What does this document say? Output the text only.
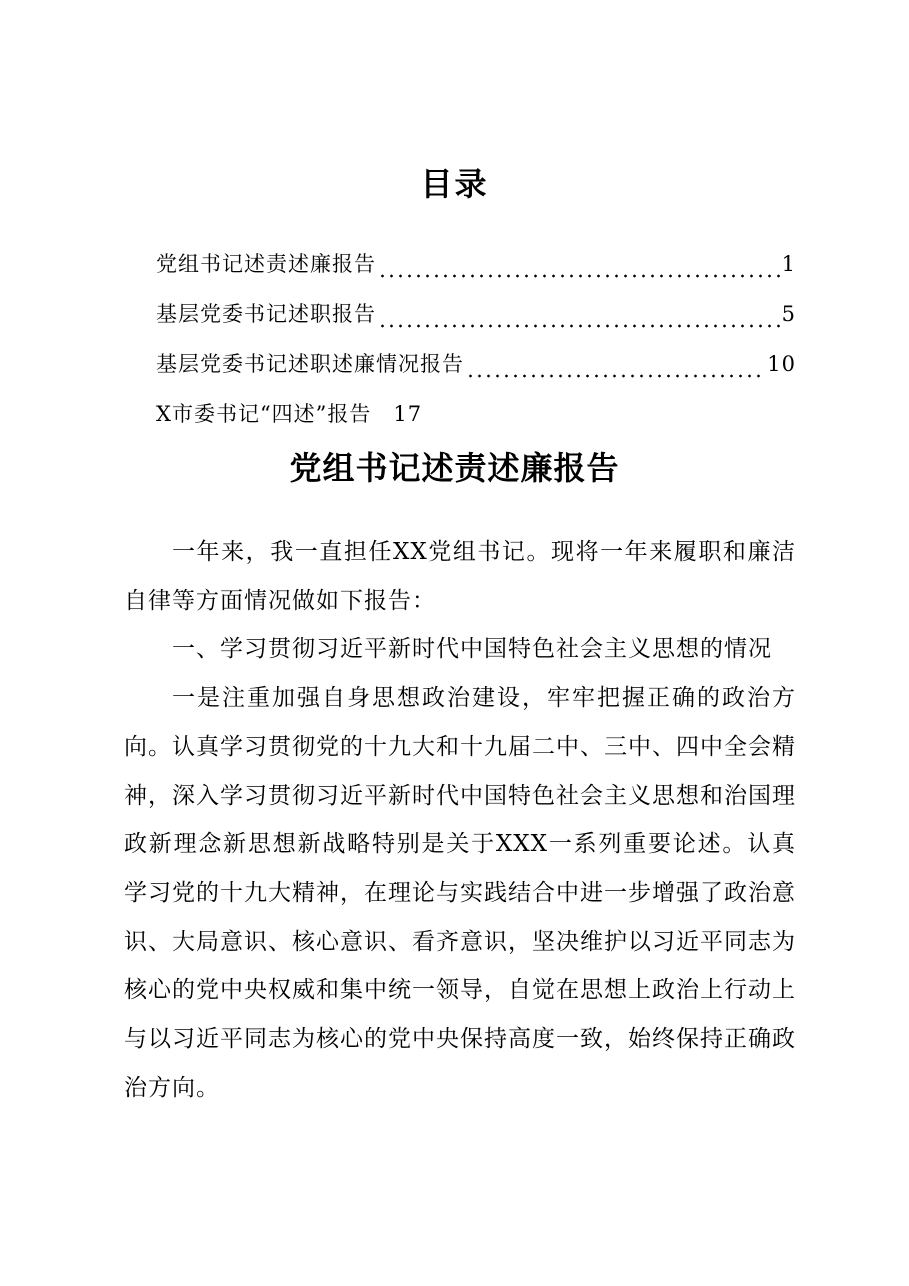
目录
党组书记述责述廉报告	1
基层党委书记述职报告	5
基层党委书记述职述廉情况报告	10
X市委书记“四述”报告 17
党组书记述责述廉报告

一年来，我一直担任XX党组书记。现将一年来履职和廉洁自律等方面情况做如下报告：

一、学习贯彻习近平新时代中国特色社会主义思想的情况

一是注重加强自身思想政治建设，牢牢把握正确的政治方向。认真学习贯彻党的十九大和十九届二中、三中、四中全会精神，深入学习贯彻习近平新时代中国特色社会主义思想和治国理政新理念新思想新战略特别是关于XXX一系列重要论述。认真学习党的十九大精神，在理论与实践结合中进一步增强了政治意识、大局意识、核心意识、看齐意识，坚决维护以习近平同志为核心的党中央权威和集中统一领导，自觉在思想上政治上行动上与以习近平同志为核心的党中央保持高度一致，始终保持正确政治方向。
